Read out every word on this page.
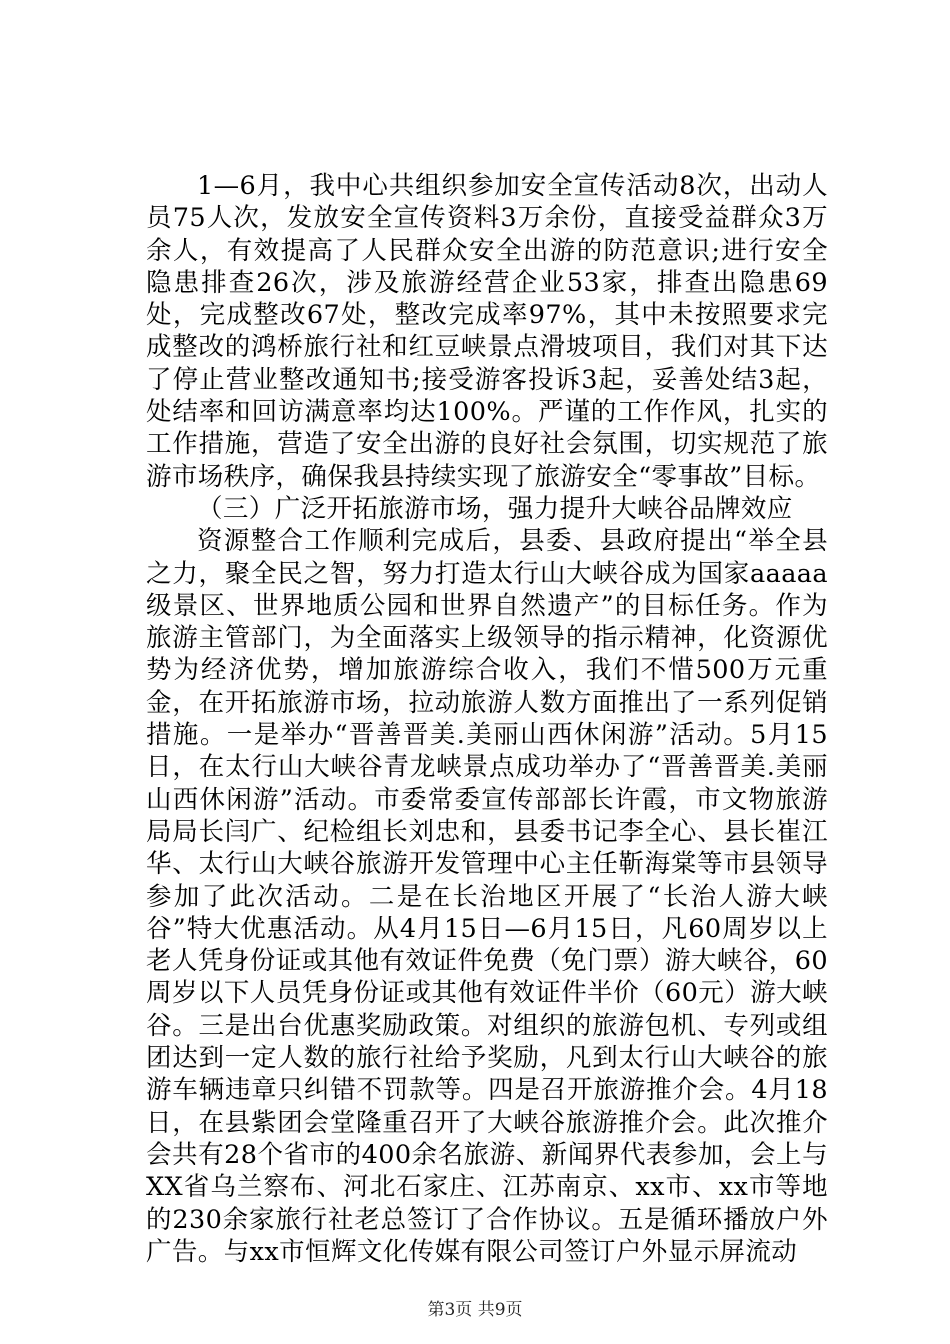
1—6月，我中心共组织参加安全宣传活动8次，出动人员75人次，发放安全宣传资料3万余份，直接受益群众3万余人，有效提高了人民群众安全出游的防范意识;进行安全隐患排查26次，涉及旅游经营企业53家，排查出隐患69处，完成整改67处，整改完成率97%，其中未按照要求完成整改的鸿桥旅行社和红豆峡景点滑坡项目，我们对其下达了停止营业整改通知书;接受游客投诉3起，妥善处结3起，处结率和回访满意率均达100%。严谨的工作作风，扎实的工作措施，营造了安全出游的良好社会氛围，切实规范了旅游市场秩序，确保我县持续实现了旅游安全“零事故”目标。

（三）广泛开拓旅游市场，强力提升大峡谷品牌效应

资源整合工作顺利完成后，县委、县政府提出“举全县之力，聚全民之智，努力打造太行山大峡谷成为国家aaaaa级景区、世界地质公园和世界自然遗产”的目标任务。作为旅游主管部门，为全面落实上级领导的指示精神，化资源优势为经济优势，增加旅游综合收入，我们不惜500万元重金，在开拓旅游市场，拉动旅游人数方面推出了一系列促销措施。一是举办“晋善晋美.美丽山西休闲游”活动。5月15日，在太行山大峡谷青龙峡景点成功举办了“晋善晋美.美丽山西休闲游”活动。市委常委宣传部部长许霞，市文物旅游局局长闫广、纪检组长刘忠和，县委书记李全心、县长崔江华、太行山大峡谷旅游开发管理中心主任靳海棠等市县领导参加了此次活动。二是在长治地区开展了“长治人游大峡谷”特大优惠活动。从4月15日—6月15日，凡60周岁以上老人凭身份证或其他有效证件免费（免门票）游大峡谷，60周岁以下人员凭身份证或其他有效证件半价（60元）游大峡谷。三是出台优惠奖励政策。对组织的旅游包机、专列或组团达到一定人数的旅行社给予奖励，凡到太行山大峡谷的旅游车辆违章只纠错不罚款等。四是召开旅游推介会。4月18日，在县紫团会堂隆重召开了大峡谷旅游推介会。此次推介会共有28个省市的400余名旅游、新闻界代表参加，会上与XX省乌兰察布、河北石家庄、江苏南京、xx市、xx市等地的230余家旅行社老总签订了合作协议。五是循环播放户外广告。与xx市恒辉文化传媒有限公司签订户外显示屏流动

第3页 共9页
